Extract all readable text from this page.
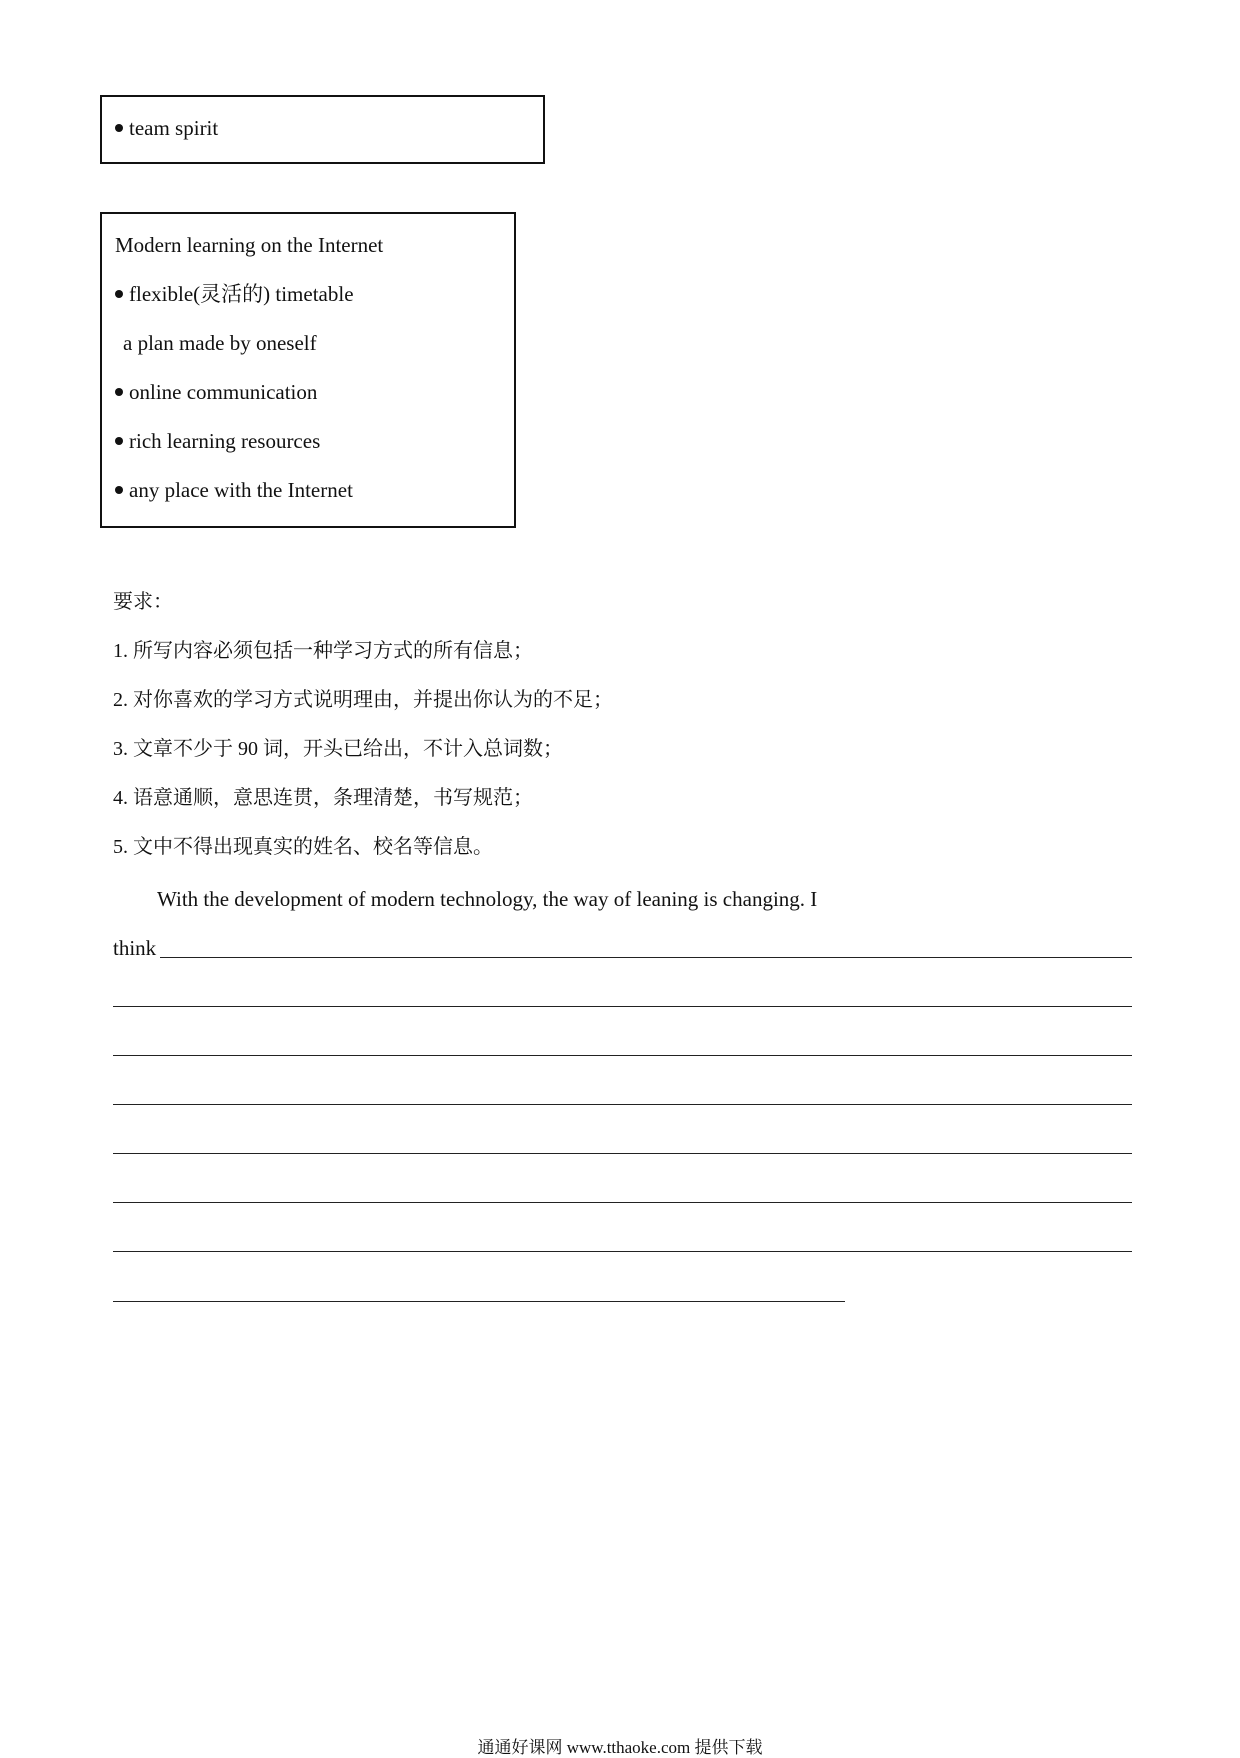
team spirit
Modern learning on the Internet
flexible(灵活的) timetable
a plan made by oneself
online communication
rich learning resources
any place with the Internet
要求：
1. 所写内容必须包括一种学习方式的所有信息；
2. 对你喜欢的学习方式说明理由，并提出你认为的不足；
3. 文章不少于 90 词，开头已给出，不计入总词数；
4. 语意通顺，意思连贯，条理清楚，书写规范；
5. 文中不得出现真实的姓名、校名等信息。
With the development of modern technology, the way of leaning is changing. I
think
通通好课网 www.tthaoke.com 提供下载
